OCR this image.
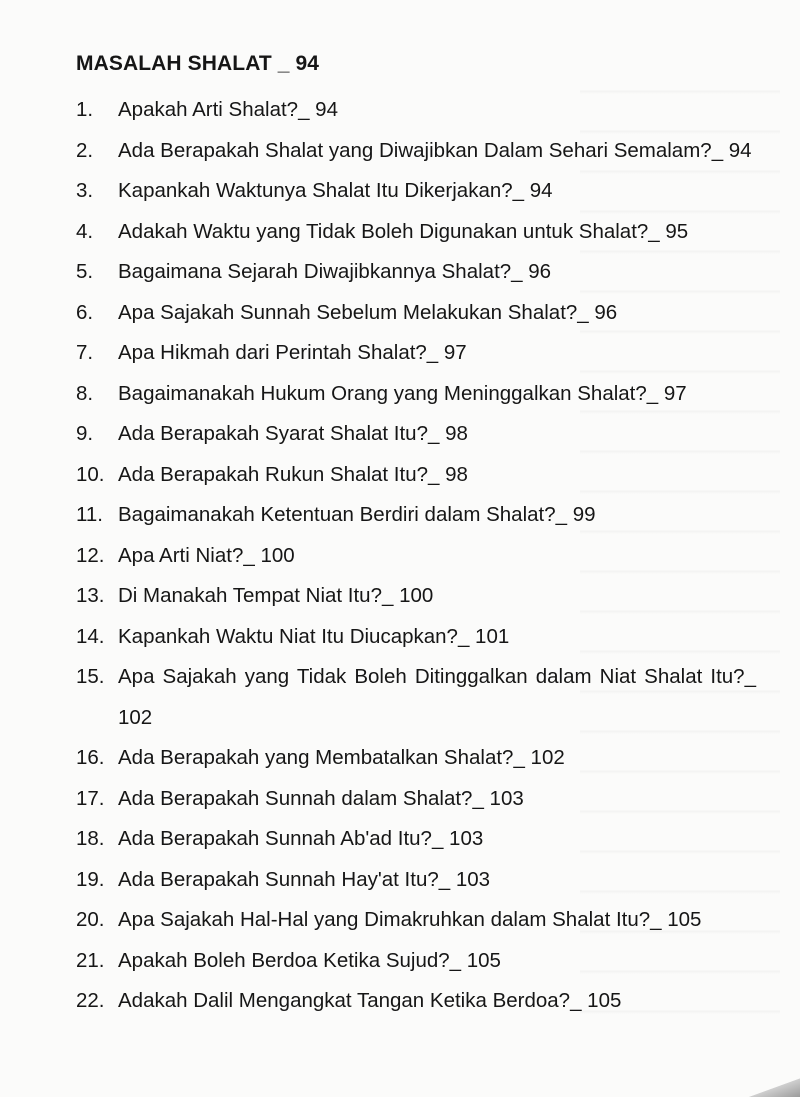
MASALAH SHALAT _ 94
1. Apakah Arti Shalat?_ 94
2. Ada Berapakah Shalat yang Diwajibkan Dalam Sehari Semalam?_ 94
3. Kapankah Waktunya Shalat Itu Dikerjakan?_ 94
4. Adakah Waktu yang Tidak Boleh Digunakan untuk Shalat?_ 95
5. Bagaimana Sejarah Diwajibkannya Shalat?_ 96
6. Apa Sajakah Sunnah Sebelum Melakukan Shalat?_ 96
7. Apa Hikmah dari Perintah Shalat?_ 97
8. Bagaimanakah Hukum Orang yang Meninggalkan Shalat?_ 97
9. Ada Berapakah Syarat Shalat Itu?_ 98
10. Ada Berapakah Rukun Shalat Itu?_ 98
11. Bagaimanakah Ketentuan Berdiri dalam Shalat?_ 99
12. Apa Arti Niat?_ 100
13. Di Manakah Tempat Niat Itu?_ 100
14. Kapankah Waktu Niat Itu Diucapkan?_ 101
15. Apa Sajakah yang Tidak Boleh Ditinggalkan dalam Niat Shalat Itu?_ 102
16. Ada Berapakah yang Membatalkan Shalat?_ 102
17. Ada Berapakah Sunnah dalam Shalat?_ 103
18. Ada Berapakah Sunnah Ab'ad Itu?_ 103
19. Ada Berapakah Sunnah Hay'at Itu?_ 103
20. Apa Sajakah Hal-Hal yang Dimakruhkan dalam Shalat Itu?_ 105
21. Apakah Boleh Berdoa Ketika Sujud?_ 105
22. Adakah Dalil Mengangkat Tangan Ketika Berdoa?_ 105
